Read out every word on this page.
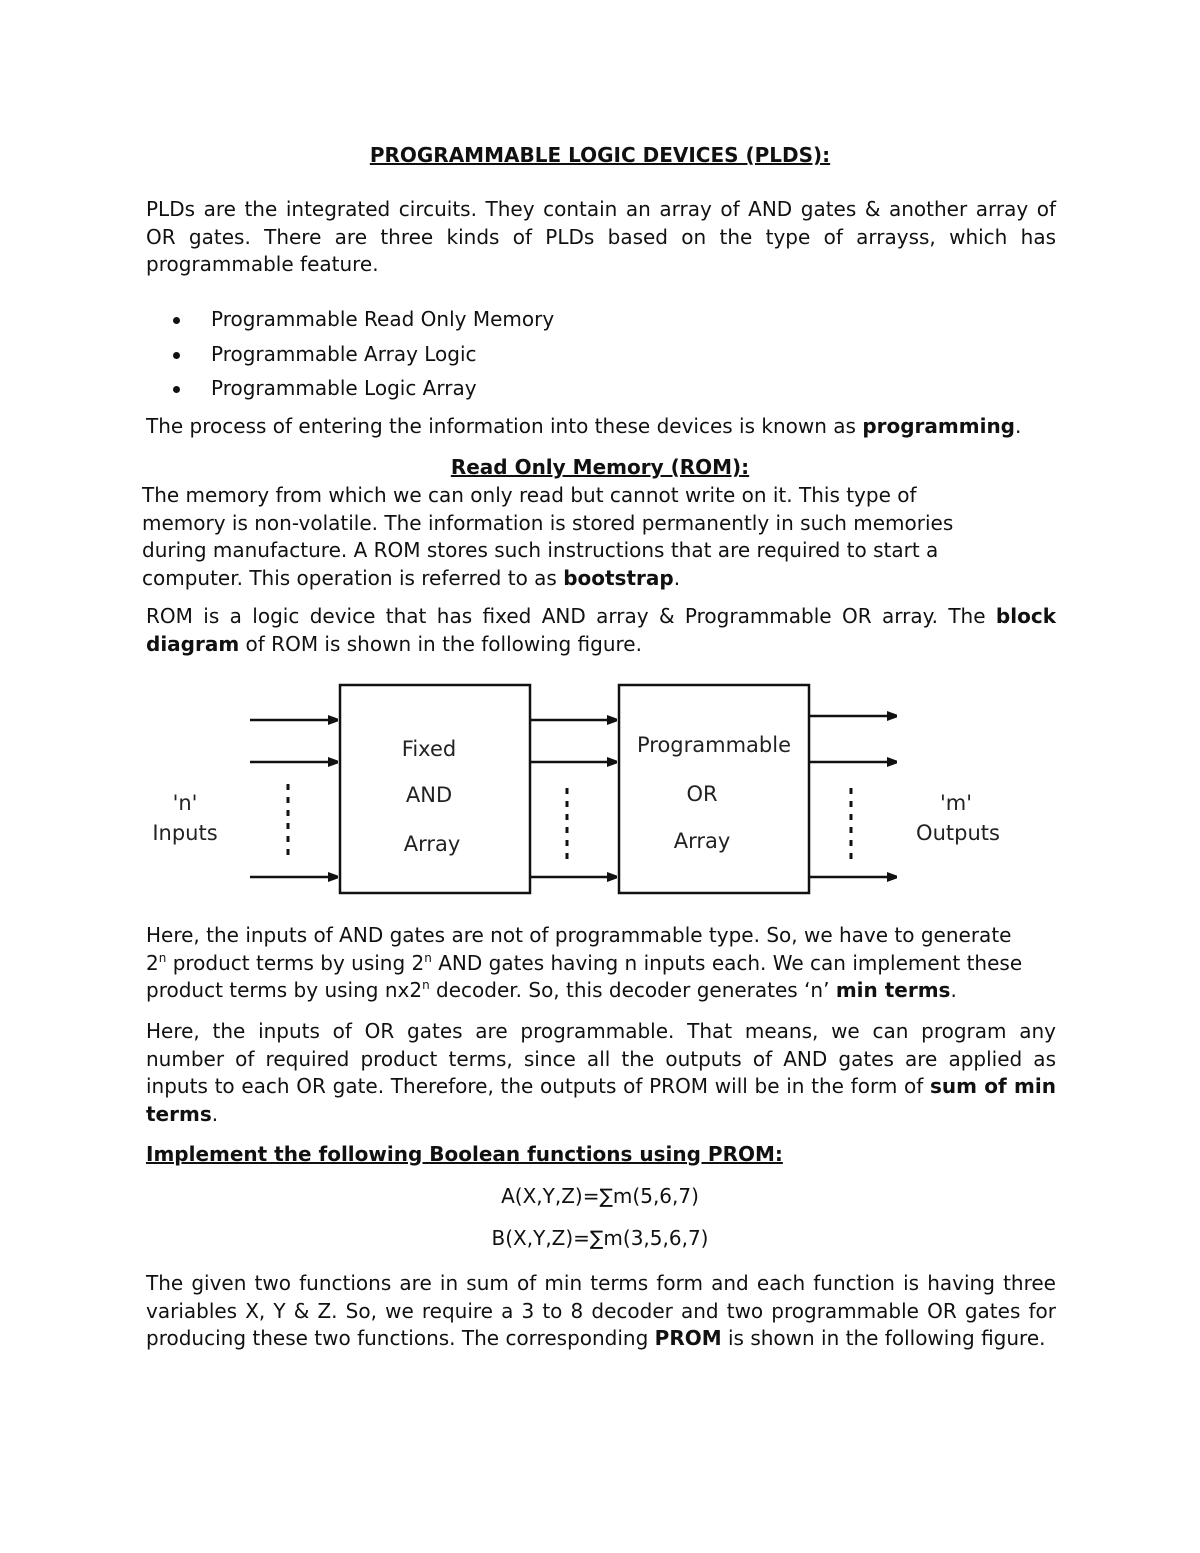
PROGRAMMABLE LOGIC DEVICES (PLDS):
PLDs are the integrated circuits. They contain an array of AND gates & another array of OR gates. There are three kinds of PLDs based on the type of arrayss, which has programmable feature.
Programmable Read Only Memory
Programmable Array Logic
Programmable Logic Array
The process of entering the information into these devices is known as programming.
Read Only Memory (ROM):
The memory from which we can only read but cannot write on it. This type of
memory is non-volatile. The information is stored permanently in such memories
during manufacture. A ROM stores such instructions that are required to start a
computer. This operation is referred to as bootstrap.
ROM is a logic device that has fixed AND array & Programmable OR array. The block diagram of ROM is shown in the following figure.
'n'
Inputs
Fixed
AND
Array
Programmable
OR
Array
'm'
Outputs
Here, the inputs of AND gates are not of programmable type. So, we have to generate
2$^n$ product terms by using 2$^n$ AND gates having n inputs each. We can implement these
product terms by using nx2$^n$ decoder. So, this decoder generates ‘n’ min terms.
Here, the inputs of OR gates are programmable. That means, we can program any number of required product terms, since all the outputs of AND gates are applied as inputs to each OR gate. Therefore, the outputs of PROM will be in the form of sum of min terms.
Implement the following Boolean functions using PROM:
A(X,Y,Z)=∑m(5,6,7)
B(X,Y,Z)=∑m(3,5,6,7)
The given two functions are in sum of min terms form and each function is having three variables X, Y & Z. So, we require a 3 to 8 decoder and two programmable OR gates for producing these two functions. The corresponding PROM is shown in the following figure.
